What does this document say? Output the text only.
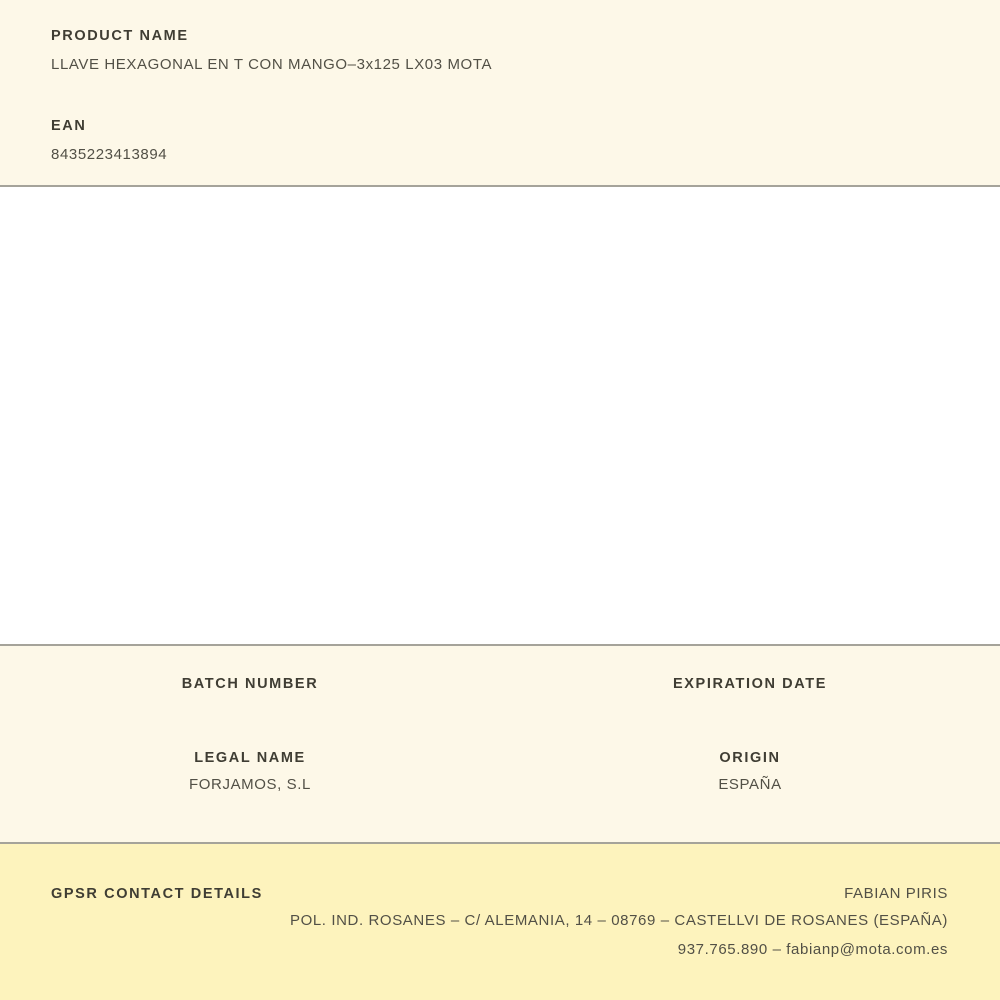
PRODUCT NAME
LLAVE HEXAGONAL EN T CON MANGO–3x125 LX03 MOTA
EAN
8435223413894
BATCH NUMBER	EXPIRATION DATE
LEGAL NAME
FORJAMOS, S.L
ORIGIN
ESPAÑA
GPSR CONTACT DETAILS	FABIAN PIRIS
POL. IND. ROSANES – C/ ALEMANIA, 14 – 08769 – CASTELLVI DE ROSANES (ESPAÑA)
937.765.890 – fabianp@mota.com.es
